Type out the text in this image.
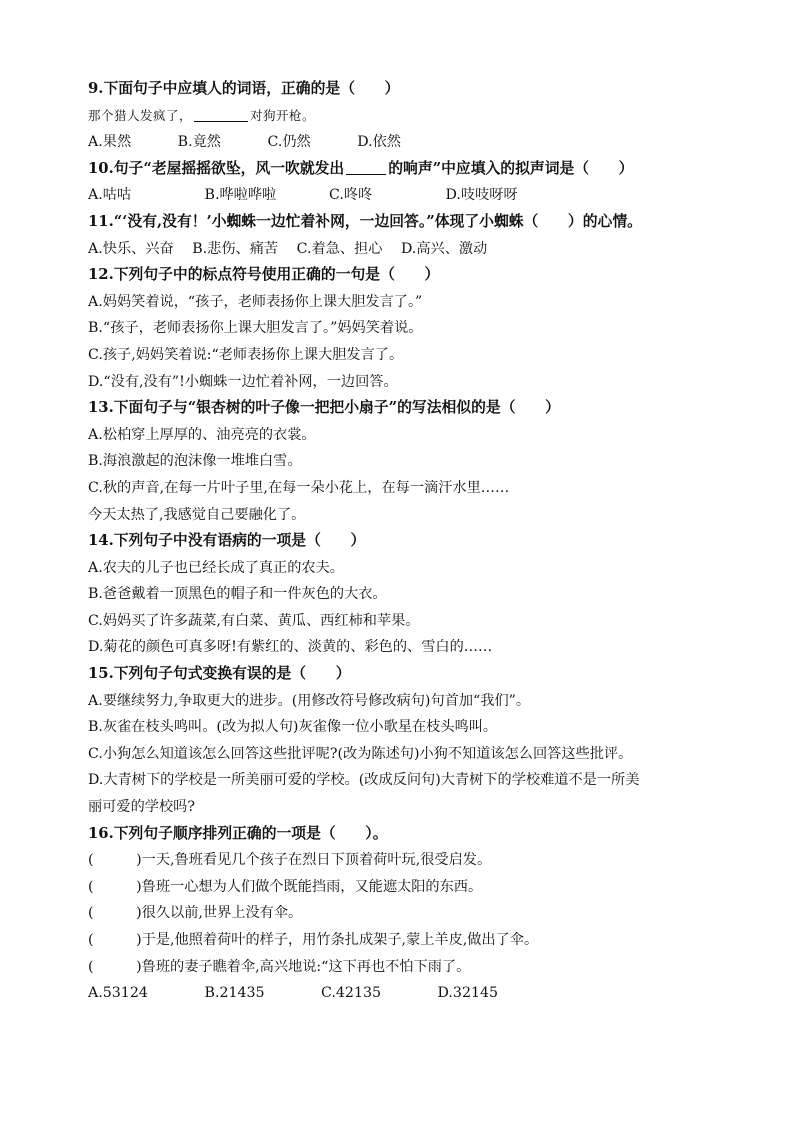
9.下面句子中应填人的词语，正确的是（　　）
那个猎人发疯了，	对狗开枪。
A.果然	B.竟然	C.仍然	D.依然
10.句子“老屋摇摇欲坠，风一吹就发出	的响声”中应填入的拟声词是（　　）
A.咕咕	B.哗啦哗啦	C.咚咚	D.吱吱呀呀
11.“‘没有,没有！’小蜘蛛一边忙着补网，一边回答。”体现了小蜘蛛（　　）的心情。
A.快乐、兴奋 B.悲伤、痛苦 C.着急、担心 D.高兴、激动
12.下列句子中的标点符号使用正确的一句是（　　）
A.妈妈笑着说，“孩子，老师表扬你上课大胆发言了。”
B.“孩子，老师表扬你上课大胆发言了。”妈妈笑着说。
C.孩子,妈妈笑着说:“老师表扬你上课大胆发言了。
D.“没有,没有”!小蜘蛛一边忙着补网，一边回答。
13.下面句子与“银杏树的叶子像一把把小扇子”的写法相似的是（　　）
A.松柏穿上厚厚的、油亮亮的衣裳。
B.海浪激起的泡沫像一堆堆白雪。
C.秋的声音,在每一片叶子里,在每一朵小花上，在每一滴汗水里……
今天太热了,我感觉自己要融化了。
14.下列句子中没有语病的一项是（　　）
A.农夫的儿子也已经长成了真正的农夫。
B.爸爸戴着一顶黑色的帽子和一件灰色的大衣。
C.妈妈买了许多蔬菜,有白菜、黄瓜、西红柿和苹果。
D.菊花的颜色可真多呀!有紫红的、淡黄的、彩色的、雪白的……
15.下列句子句式变换有误的是（　　）
A.要继续努力,争取更大的进步。(用修改符号修改病句)句首加“我们”。
B.灰雀在枝头鸣叫。(改为拟人句)灰雀像一位小歌星在枝头鸣叫。
C.小狗怎么知道该怎么回答这些批评呢?(改为陈述句)小狗不知道该怎么回答这些批评。
D.大青树下的学校是一所美丽可爱的学校。(改成反问句)大青树下的学校难道不是一所美
丽可爱的学校吗?
16.下列句子顺序排列正确的一项是（　　）。
(　　　)一天,鲁班看见几个孩子在烈日下顶着荷叶玩,很受启发。
(　　　)鲁班一心想为人们做个既能挡雨，又能遮太阳的东西。
(　　　)很久以前,世界上没有伞。
(　　　)于是,他照着荷叶的样子，用竹条扎成架子,蒙上羊皮,做出了伞。
(　　　)鲁班的妻子瞧着伞,高兴地说:“这下再也不怕下雨了。
A.53124	B.21435	C.42135	D.32145
